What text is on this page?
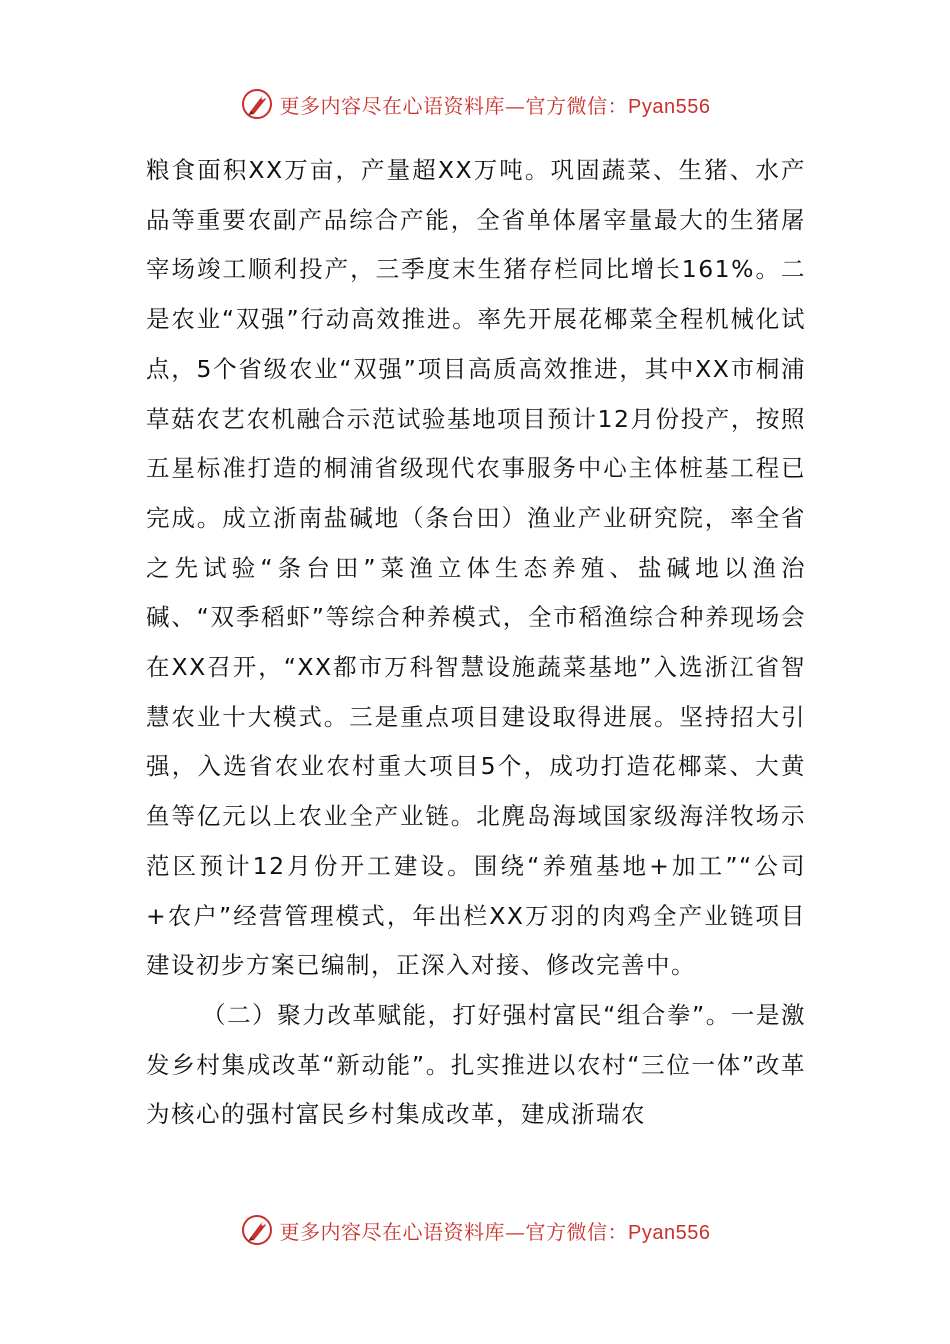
更多内容尽在心语资料库—官方微信：Pyan556

粮食面积XX万亩，产量超XX万吨。巩固蔬菜、生猪、水产品等重要农副产品综合产能，全省单体屠宰量最大的生猪屠宰场竣工顺利投产，三季度末生猪存栏同比增长161%。二是农业“双强”行动高效推进。率先开展花椰菜全程机械化试点，5个省级农业“双强”项目高质高效推进，其中XX市桐浦草菇农艺农机融合示范试验基地项目预计12月份投产，按照五星标准打造的桐浦省级现代农事服务中心主体桩基工程已完成。成立浙南盐碱地（条台田）渔业产业研究院，率全省之先试验“条台田”菜渔立体生态养殖、盐碱地以渔治碱、“双季稻虾”等综合种养模式，全市稻渔综合种养现场会在XX召开，“XX都市万科智慧设施蔬菜基地”入选浙江省智慧农业十大模式。三是重点项目建设取得进展。坚持招大引强，入选省农业农村重大项目5个，成功打造花椰菜、大黄鱼等亿元以上农业全产业链。北麂岛海域国家级海洋牧场示范区预计12月份开工建设。围绕“养殖基地+加工”“公司+农户”经营管理模式，年出栏XX万羽的肉鸡全产业链项目建设初步方案已编制，正深入对接、修改完善中。

（二）聚力改革赋能，打好强村富民“组合拳”。一是激发乡村集成改革“新动能”。扎实推进以农村“三位一体”改革为核心的强村富民乡村集成改革，建成浙瑞农

更多内容尽在心语资料库—官方微信：Pyan556
